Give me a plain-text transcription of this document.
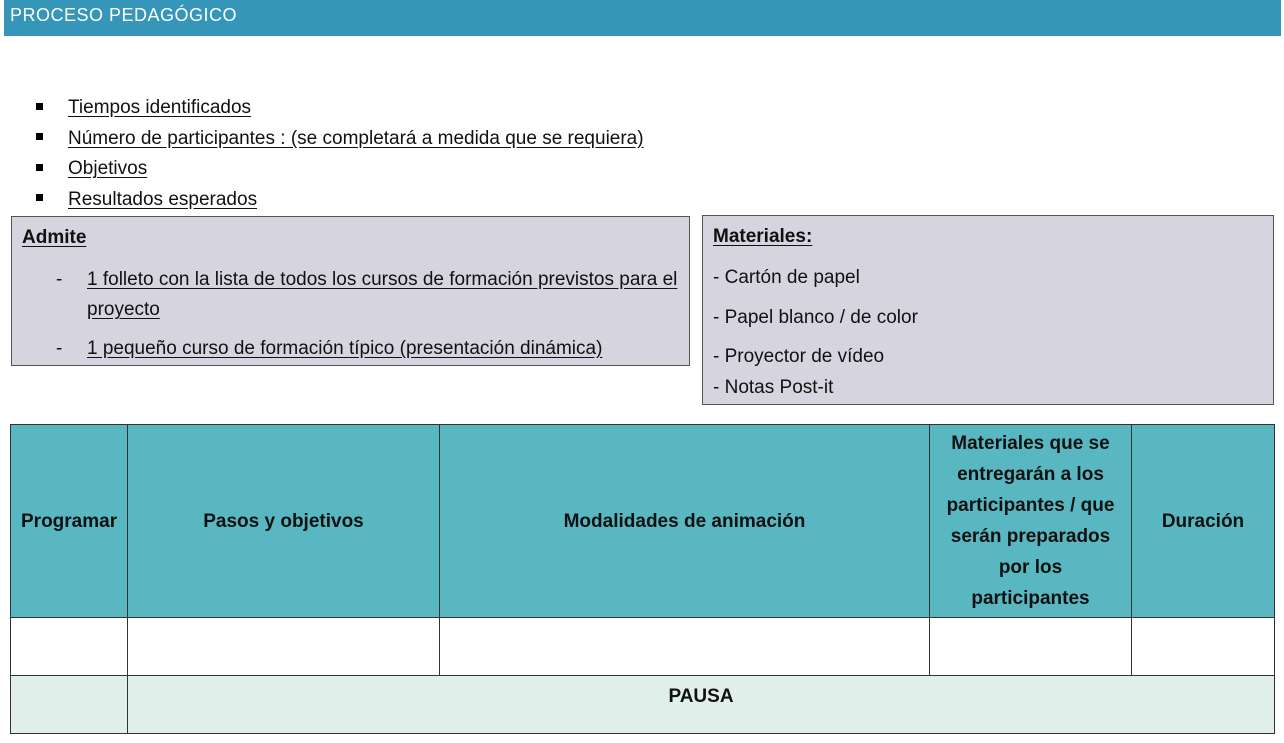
PROCESO PEDAGÓGICO
Tiempos identificados
Número de participantes : (se completará a medida que se requiera)
Objetivos
Resultados esperados
Admite
-	1 folleto con la lista de todos los cursos de formación previstos para el proyecto
-	1 pequeño curso de formación típico (presentación dinámica)
Materiales:
- Cartón de papel
- Papel blanco / de color
- Proyector de vídeo
- Notas Post-it
Programar	Pasos y objetivos	Modalidades de animación	Materiales que se entregarán a los participantes / que serán preparados por los participantes	Duración

	PAUSA			
